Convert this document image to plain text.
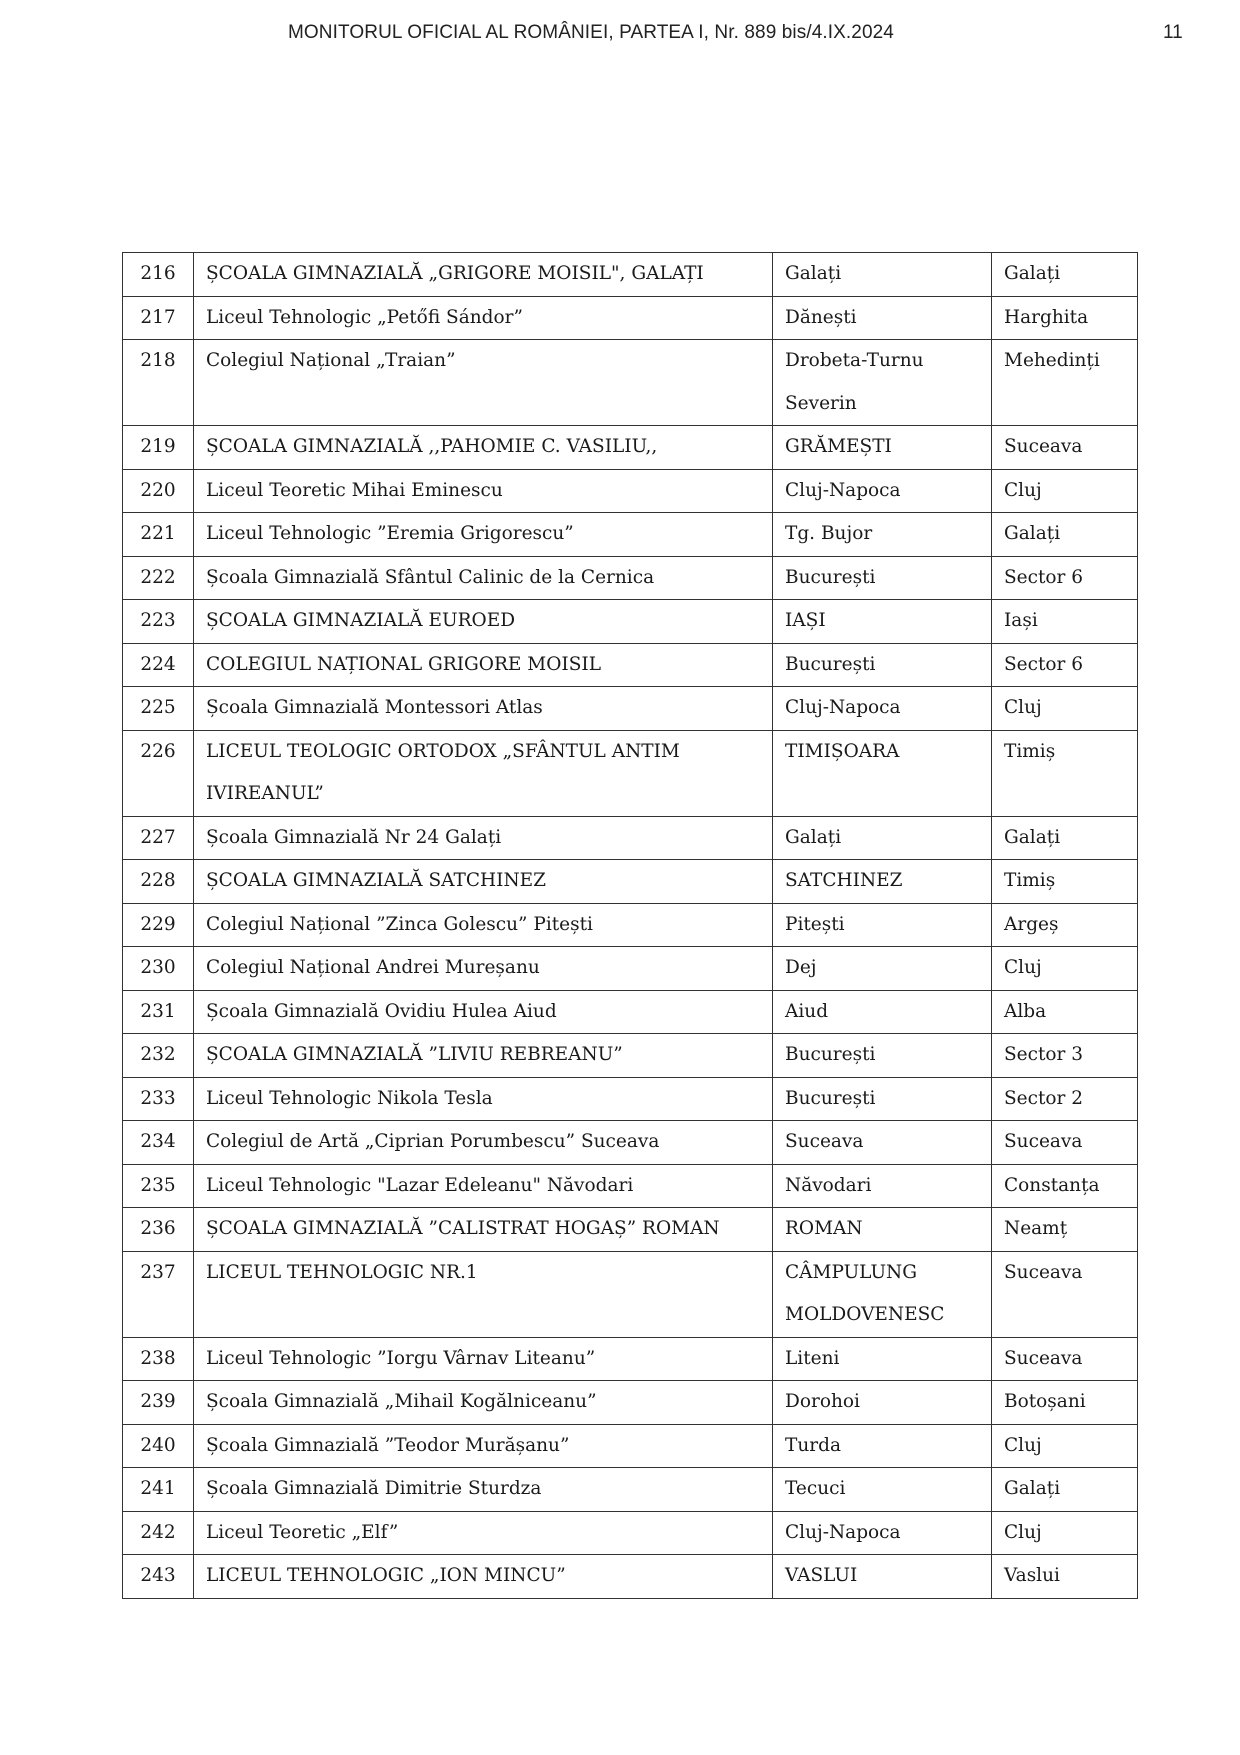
MONITORUL OFICIAL AL ROMÂNIEI, PARTEA I, Nr. 889 bis/4.IX.2024	11
216	ȘCOALA GIMNAZIALĂ „GRIGORE MOISIL", GALAȚI	Galați	Galați
217	Liceul Tehnologic „Petőfi Sándor”	Dănești	Harghita
218	Colegiul Național „Traian”	Drobeta-Turnu Severin	Mehedinți
219	ȘCOALA GIMNAZIALĂ ,,PAHOMIE C. VASILIU,,	GRĂMEȘTI	Suceava
220	Liceul Teoretic Mihai Eminescu	Cluj-Napoca	Cluj
221	Liceul Tehnologic ”Eremia Grigorescu”	Tg. Bujor	Galați
222	Școala Gimnazială Sfântul Calinic de la Cernica	București	Sector 6
223	ȘCOALA GIMNAZIALĂ EUROED	IAȘI	Iași
224	COLEGIUL NAȚIONAL GRIGORE MOISIL	București	Sector 6
225	Școala Gimnazială Montessori Atlas	Cluj-Napoca	Cluj
226	LICEUL TEOLOGIC ORTODOX „SFÂNTUL ANTIM IVIREANUL”	TIMIȘOARA	Timiș
227	Școala Gimnazială Nr 24 Galați	Galați	Galați
228	ȘCOALA GIMNAZIALĂ SATCHINEZ	SATCHINEZ	Timiș
229	Colegiul Național ”Zinca Golescu” Pitești	Pitești	Argeș
230	Colegiul Național Andrei Mureșanu	Dej	Cluj
231	Școala Gimnazială Ovidiu Hulea Aiud	Aiud	Alba
232	ȘCOALA GIMNAZIALĂ ”LIVIU REBREANU”	București	Sector 3
233	Liceul Tehnologic Nikola Tesla	București	Sector 2
234	Colegiul de Artă „Ciprian Porumbescu” Suceava	Suceava	Suceava
235	Liceul Tehnologic "Lazar Edeleanu" Năvodari	Năvodari	Constanța
236	ȘCOALA GIMNAZIALĂ ”CALISTRAT HOGAȘ” ROMAN	ROMAN	Neamț
237	LICEUL TEHNOLOGIC NR.1	CÂMPULUNG MOLDOVENESC	Suceava
238	Liceul Tehnologic ”Iorgu Vârnav Liteanu”	Liteni	Suceava
239	Școala Gimnazială „Mihail Kogălniceanu”	Dorohoi	Botoșani
240	Școala Gimnazială ”Teodor Murășanu”	Turda	Cluj
241	Școala Gimnazială Dimitrie Sturdza	Tecuci	Galați
242	Liceul Teoretic „Elf”	Cluj-Napoca	Cluj
243	LICEUL TEHNOLOGIC „ION MINCU”	VASLUI	Vaslui
